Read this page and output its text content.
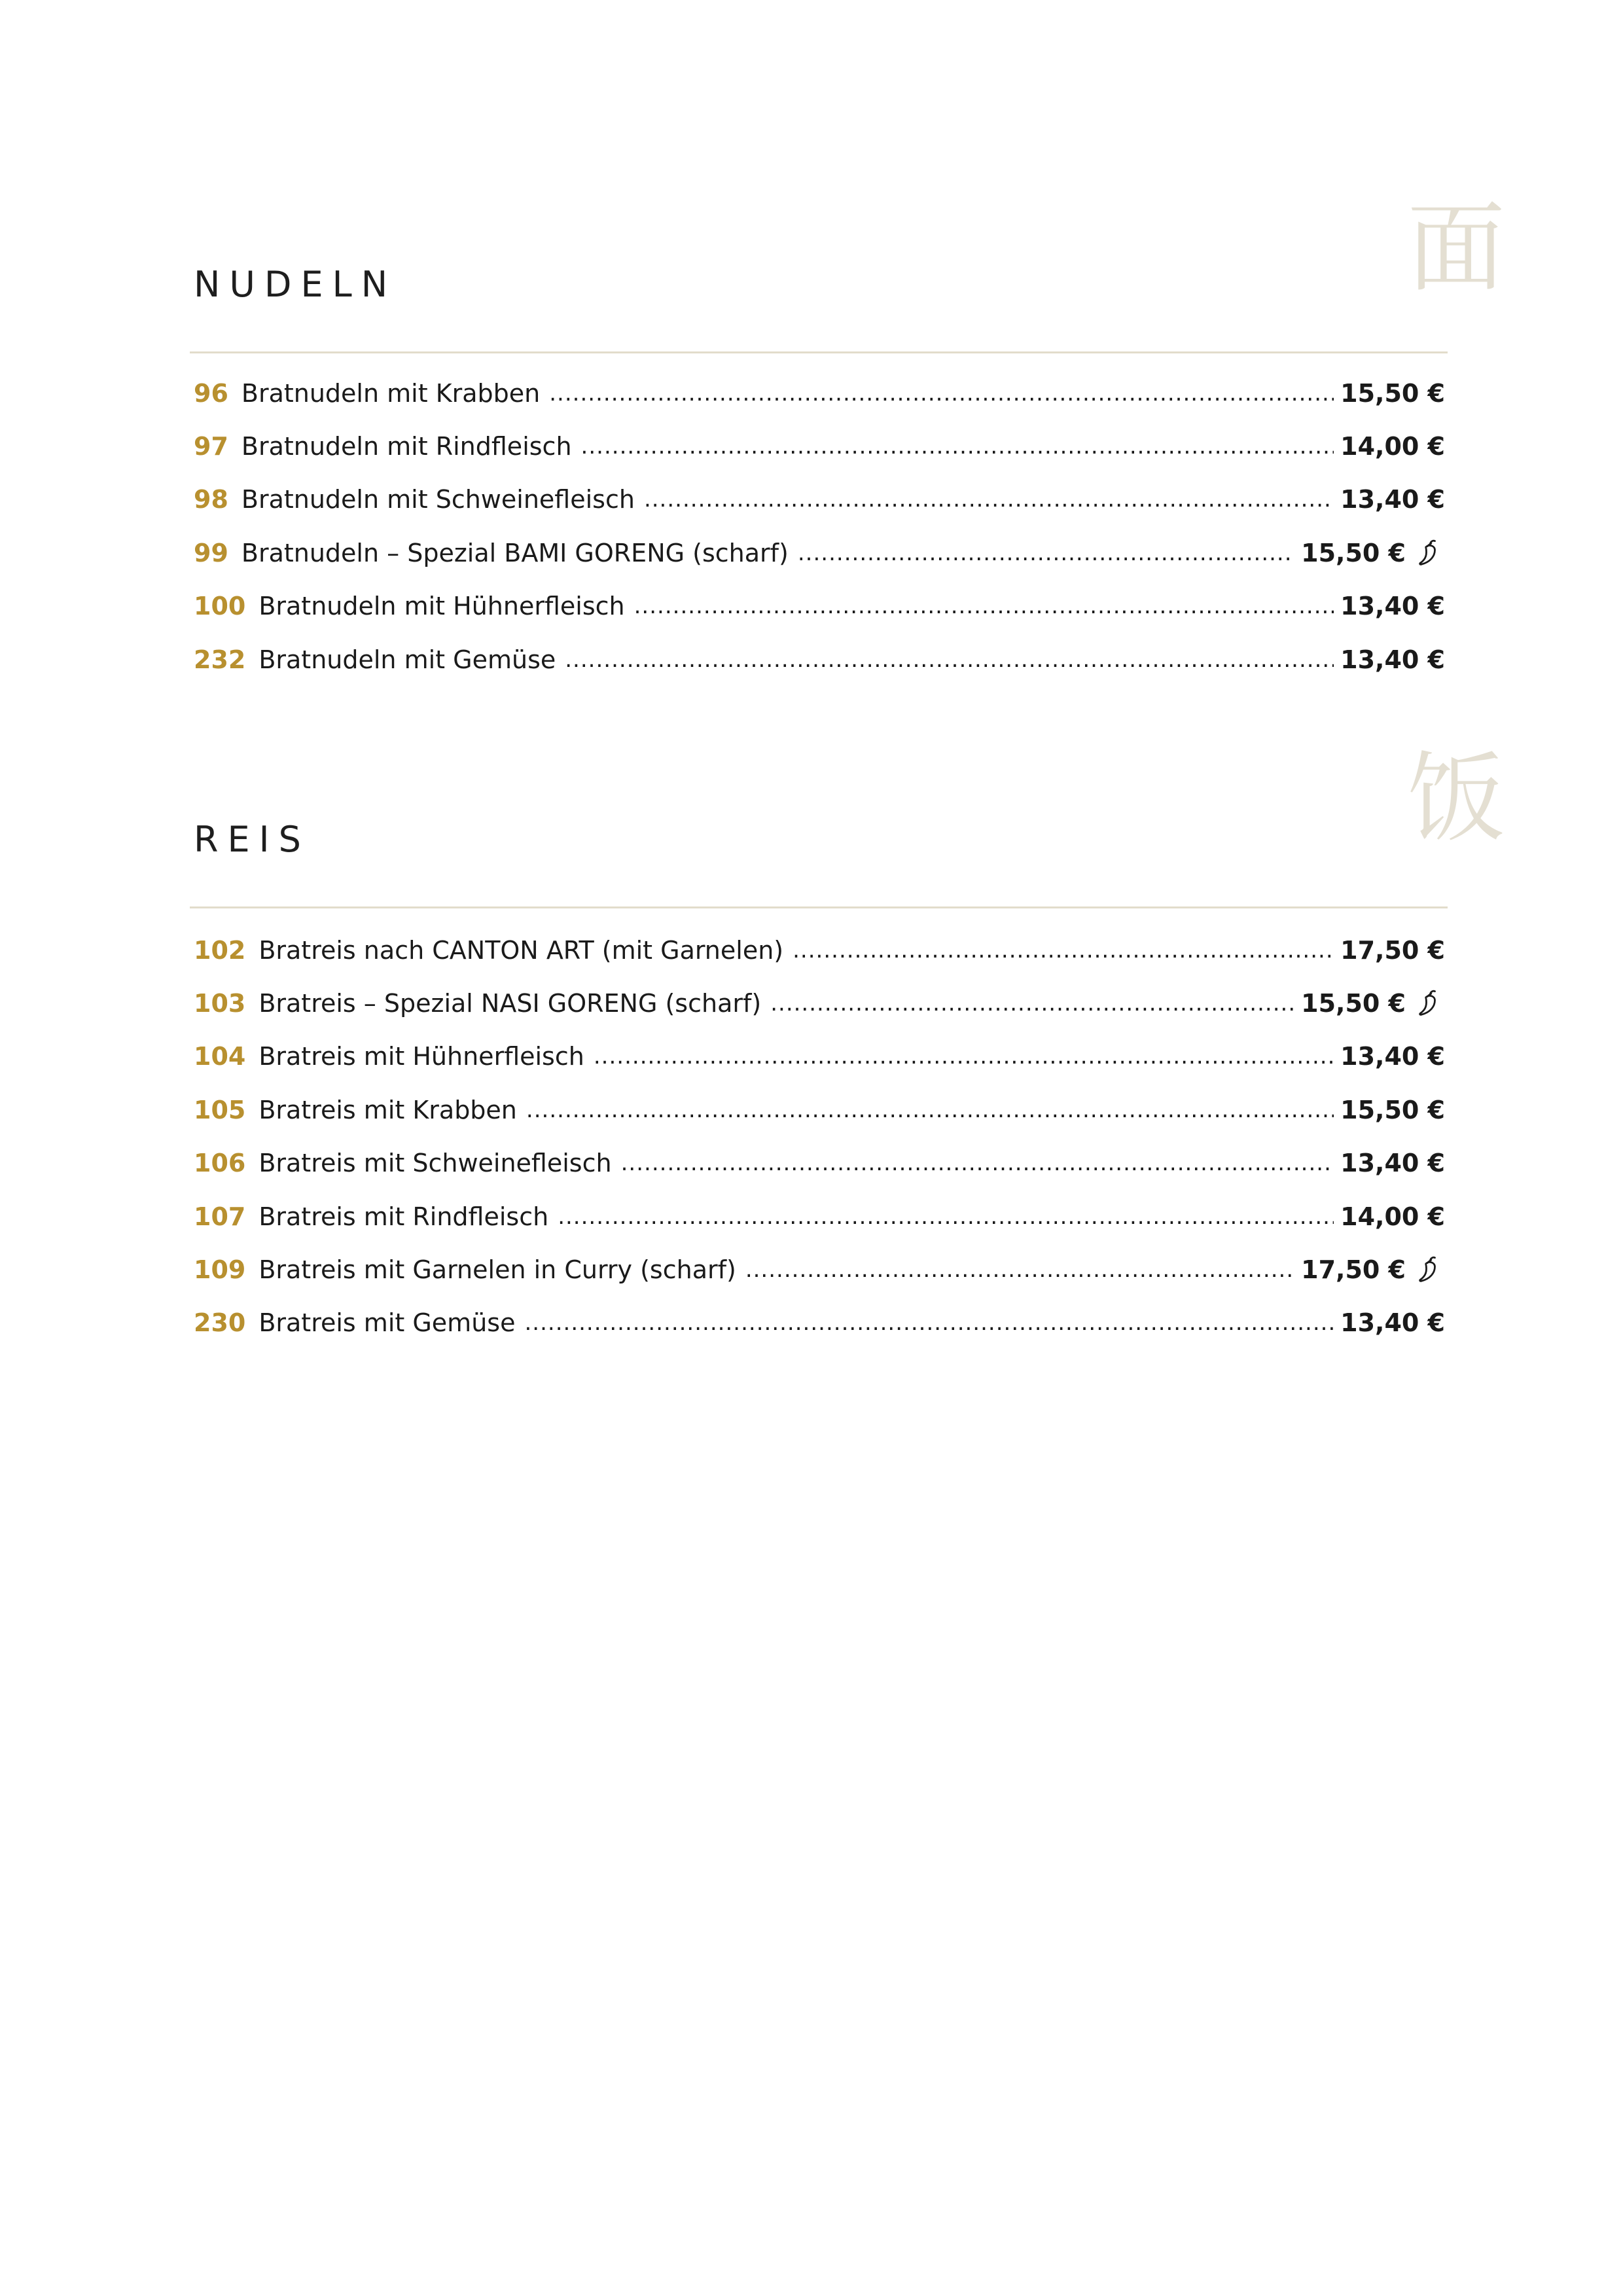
面
NUDELN
96 Bratnudeln mit Krabben .....	15,50 €
97 Bratnudeln mit Rindfleisch .....	14,00 €
98 Bratnudeln mit Schweinefleisch .....	13,40 €
99 Bratnudeln – Spezial BAMI GORENG (scharf) .....	15,50 €
100 Bratnudeln mit Hühnerfleisch .....	13,40 €
232 Bratnudeln mit Gemüse .....	13,40 €
饭
REIS
102 Bratreis nach CANTON ART (mit Garnelen) .....	17,50 €
103 Bratreis – Spezial NASI GORENG (scharf) .....	15,50 €
104 Bratreis mit Hühnerfleisch .....	13,40 €
105 Bratreis mit Krabben .....	15,50 €
106 Bratreis mit Schweinefleisch .....	13,40 €
107 Bratreis mit Rindfleisch .....	14,00 €
109 Bratreis mit Garnelen in Curry (scharf) .....	17,50 €
230 Bratreis mit Gemüse .....	13,40 €
